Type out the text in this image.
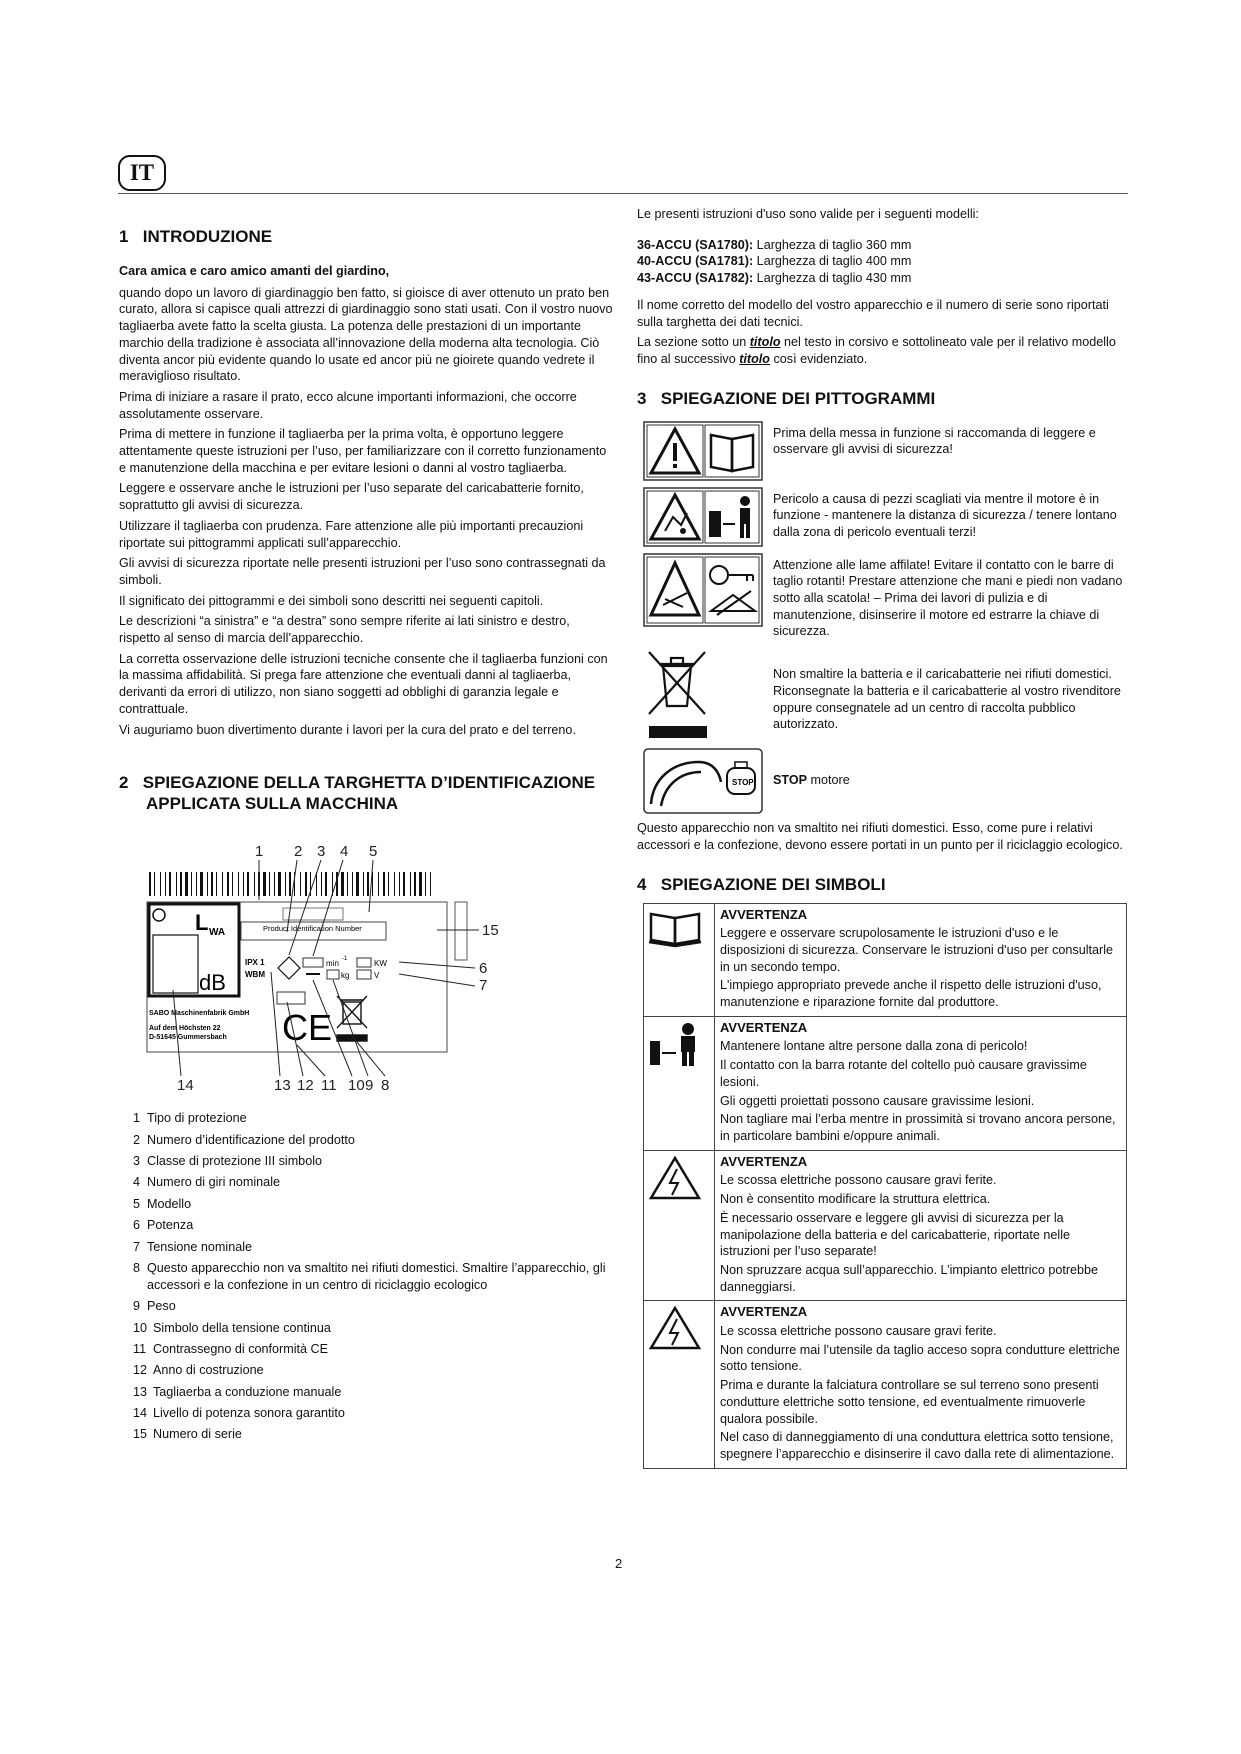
IT
1 INTRODUZIONE

Cara amica e caro amico amanti del giardino,

quando dopo un lavoro di giardinaggio ben fatto, si gioisce di aver ottenuto un prato ben curato, allora si capisce quali attrezzi di giardinaggio sono stati usati. Con il vostro nuovo tagliaerba avete fatto la scelta giusta. La potenza delle prestazioni di un importante marchio della tradizione è associata all’innovazione della moderna alta tecnologia. Ciò diventa ancor più evidente quando lo usate ed ancor più ne gioirete quando vedrete il meraviglioso risultato.

Prima di iniziare a rasare il prato, ecco alcune importanti informazioni, che occorre assolutamente osservare.

Prima di mettere in funzione il tagliaerba per la prima volta, è opportuno leggere attentamente queste istruzioni per l’uso, per familiarizzare con il corretto funzionamento e manutenzione della macchina e per evitare lesioni o danni al vostro tagliaerba.

Leggere e osservare anche le istruzioni per l’uso separate del caricabatterie fornito, soprattutto gli avvisi di sicurezza.

Utilizzare il tagliaerba con prudenza. Fare attenzione alle più importanti precauzioni riportate sui pittogrammi applicati sull’apparecchio.

Gli avvisi di sicurezza riportate nelle presenti istruzioni per l’uso sono contrassegnati da simboli.

Il significato dei pittogrammi e dei simboli sono descritti nei seguenti capitoli.

Le descrizioni “a sinistra” e “a destra” sono sempre riferite ai lati sinistro e destro, rispetto al senso di marcia dell’apparecchio.

La corretta osservazione delle istruzioni tecniche consente che il tagliaerba funzioni con la massima affidabilità. Si prega fare attenzione che eventuali danni al tagliaerba, derivanti da errori di utilizzo, non siano soggetti ad obblighi di garanzia legale e contrattuale.

Vi auguriamo buon divertimento durante i lavori per la cura del prato e del terreno.

2 SPIEGAZIONE DELLA TARGHETTA D’IDENTIFICAZIONE
APPLICATA SULLA MACCHINA
1 2 3 4 5
15
6
7
14	13 12 11 10 9 8
L WA
dB
Product Identification Number
IPX 1
WBM
min -1	KW
kg	V
CE
SABO Maschinenfabrik GmbH
Auf dem Höchsten 22
D-51645 Gummersbach
1 Tipo di protezione
2 Numero d’identificazione del prodotto
3 Classe di protezione III simbolo
4 Numero di giri nominale
5 Modello
6 Potenza
7 Tensione nominale
8 Questo apparecchio non va smaltito nei rifiuti domestici. Smaltire l’apparecchio, gli accessori e la confezione in un centro di riciclaggio ecologico
9 Peso
10 Simbolo della tensione continua
11 Contrassegno di conformità CE
12 Anno di costruzione
13 Tagliaerba a conduzione manuale
14 Livello di potenza sonora garantito
15 Numero di serie

Le presenti istruzioni d'uso sono valide per i seguenti modelli:

36-ACCU (SA1780): Larghezza di taglio 360 mm

40-ACCU (SA1781): Larghezza di taglio 400 mm

43-ACCU (SA1782): Larghezza di taglio 430 mm

Il nome corretto del modello del vostro apparecchio e il numero di serie sono riportati sulla targhetta dei dati tecnici.

La sezione sotto un titolo nel testo in corsivo e sottolineato vale per il relativo modello fino al successivo titolo così evidenziato.

3 SPIEGAZIONE DEI PITTOGRAMMI
Prima della messa in funzione si raccomanda di leggere e osservare gli avvisi di sicurezza!
Pericolo a causa di pezzi scagliati via mentre il motore è in funzione - mantenere la distanza di sicurezza / tenere lontano dalla zona di pericolo eventuali terzi!
Attenzione alle lame affilate! Evitare il contatto con le barre di taglio rotanti! Prestare attenzione che mani e piedi non vadano sotto alla scatola! – Prima dei lavori di pulizia e di manutenzione, disinserire il motore ed estrarre la chiave di sicurezza.
Non smaltire la batteria e il caricabatterie nei rifiuti domestici. Riconsegnate la batteria e il caricabatterie al vostro rivenditore oppure consegnatele ad un centro di raccolta pubblico autorizzato.
STOP STOP motore

Questo apparecchio non va smaltito nei rifiuti domestici. Esso, come pure i relativi accessori e la confezione, devono essere portati in un punto per il riciclaggio ecologico.

4 SPIEGAZIONE DEI SIMBOLI

AVVERTENZA

Leggere e osservare scrupolosamente le istruzioni d'uso e le disposizioni di sicurezza. Conservare le istruzioni d'uso per consultarle in un secondo tempo.

L'impiego appropriato prevede anche il rispetto delle istruzioni d'uso, manutenzione e riparazione fornite dal produttore.

AVVERTENZA

Mantenere lontane altre persone dalla zona di pericolo!

Il contatto con la barra rotante del coltello può causare gravissime lesioni.

Gli oggetti proiettati possono causare gravissime lesioni.

Non tagliare mai l’erba mentre in prossimità si trovano ancora persone, in particolare bambini e/oppure animali.

AVVERTENZA

Le scossa elettriche possono causare gravi ferite.

Non è consentito modificare la struttura elettrica.

È necessario osservare e leggere gli avvisi di sicurezza per la manipolazione della batteria e del caricabatterie, riportate nelle istruzioni per l’uso separate!

Non spruzzare acqua sull’apparecchio. L’impianto elettrico potrebbe danneggiarsi.

AVVERTENZA

Le scossa elettriche possono causare gravi ferite.

Non condurre mai l’utensile da taglio acceso sopra condutture elettriche sotto tensione.

Prima e durante la falciatura controllare se sul terreno sono presenti condutture elettriche sotto tensione, ed eventualmente rimuoverle qualora possibile.

Nel caso di danneggiamento di una conduttura elettrica sotto tensione, spegnere l’apparecchio e disinserire il cavo dalla rete di alimentazione.

2
